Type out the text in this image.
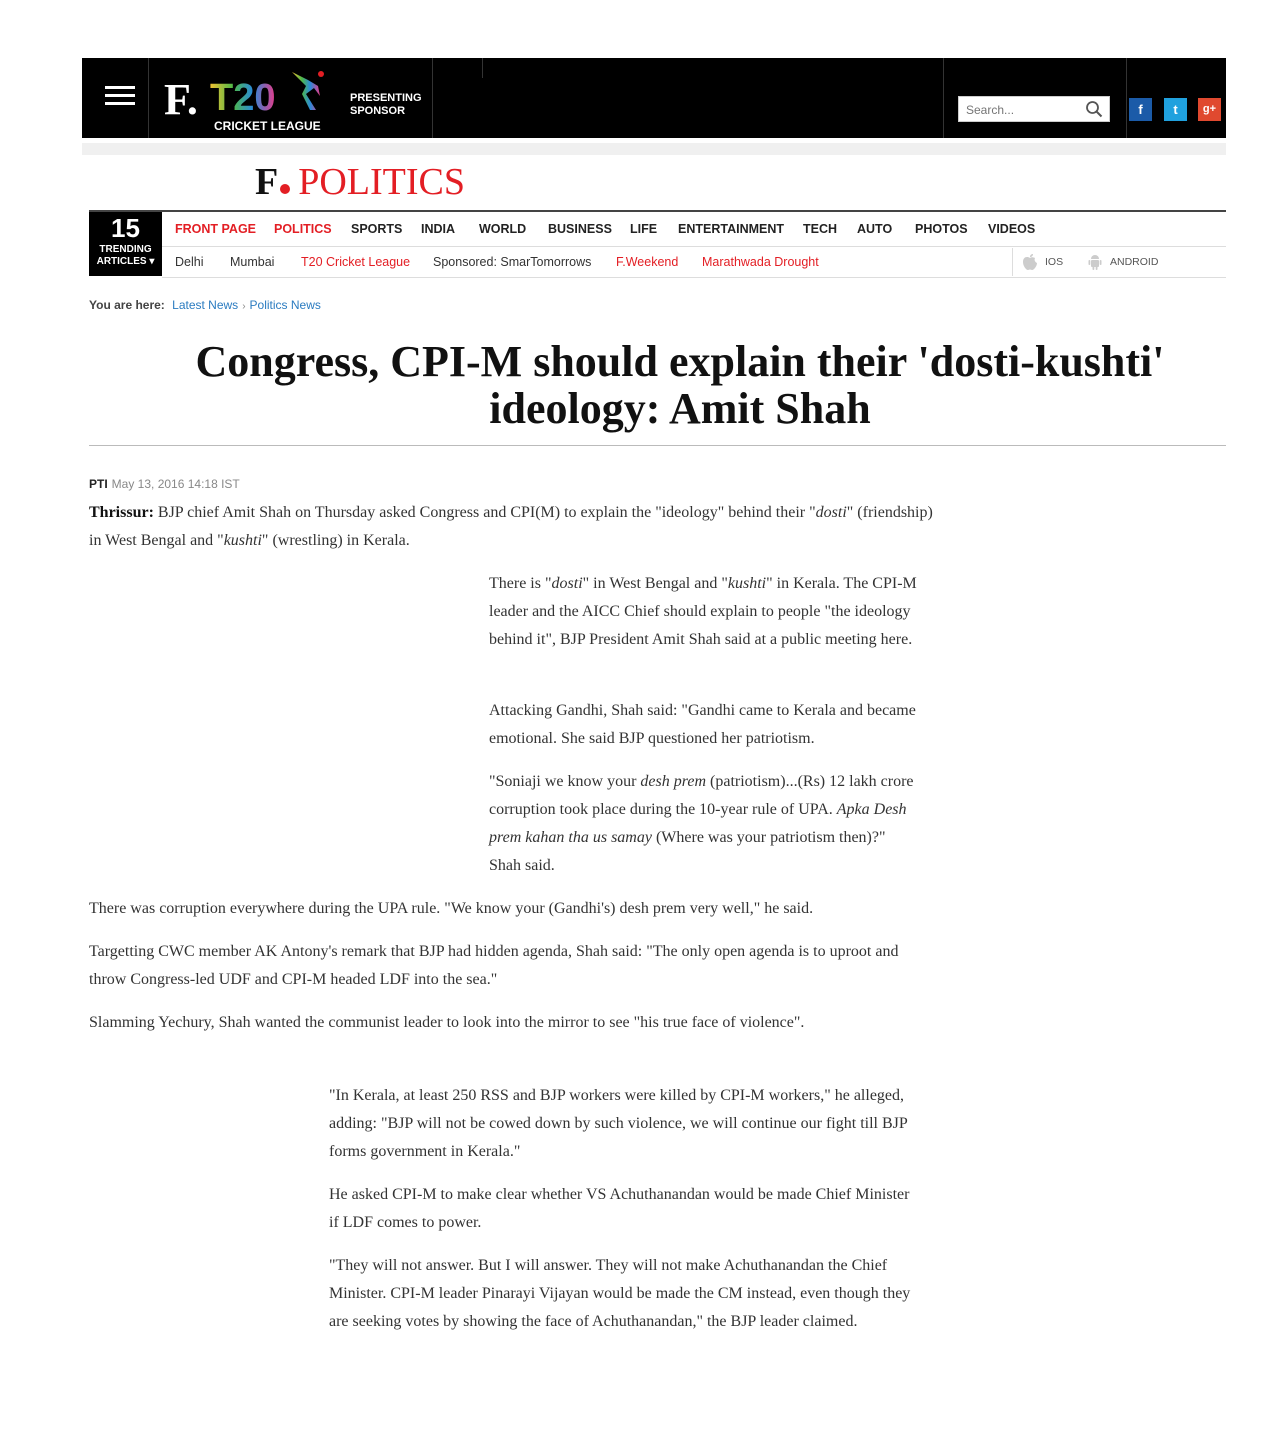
F. T20
CRICKET LEAGUE
PRESENTING SPONSOR
Search...	f	t	g+
F POLITICS
15
TRENDING
ARTICLES ▾
FRONT PAGE POLITICS SPORTS INDIA WORLD BUSINESS LIFE ENTERTAINMENT TECH AUTO PHOTOS VIDEOS
Delhi Mumbai T20 Cricket League Sponsored: SmarTomorrows F.Weekend Marathwada Drought	IOS	ANDROID
You are here: Latest News › Politics News
Congress, CPI-M should explain their 'dosti-kushti'
ideology: Amit Shah
PTI May 13, 2016 14:18 IST

Thrissur: BJP chief Amit Shah on Thursday asked Congress and CPI(M) to explain the "ideology" behind their "dosti" (friendship) in West Bengal and "kushti" (wrestling) in Kerala.

There is "dosti" in West Bengal and "kushti" in Kerala. The CPI-M leader and the AICC Chief should explain to people "the ideology behind it", BJP President Amit Shah said at a public meeting here.

Attacking Gandhi, Shah said: "Gandhi came to Kerala and became emotional. She said BJP questioned her patriotism.

"Soniaji we know your desh prem (patriotism)...(Rs) 12 lakh crore corruption took place during the 10-year rule of UPA. Apka Desh prem kahan tha us samay (Where was your patriotism then)?" Shah said.

There was corruption everywhere during the UPA rule. "We know your (Gandhi's) desh prem very well," he said.

Targetting CWC member AK Antony's remark that BJP had hidden agenda, Shah said: "The only open agenda is to uproot and throw Congress-led UDF and CPI-M headed LDF into the sea."

Slamming Yechury, Shah wanted the communist leader to look into the mirror to see "his true face of violence".

"In Kerala, at least 250 RSS and BJP workers were killed by CPI-M workers," he alleged, adding: "BJP will not be cowed down by such violence, we will continue our fight till BJP forms government in Kerala."

He asked CPI-M to make clear whether VS Achuthanandan would be made Chief Minister if LDF comes to power.

"They will not answer. But I will answer. They will not make Achuthanandan the Chief Minister. CPI-M leader Pinarayi Vijayan would be made the CM instead, even though they are seeking votes by showing the face of Achuthanandan," the BJP leader claimed.
